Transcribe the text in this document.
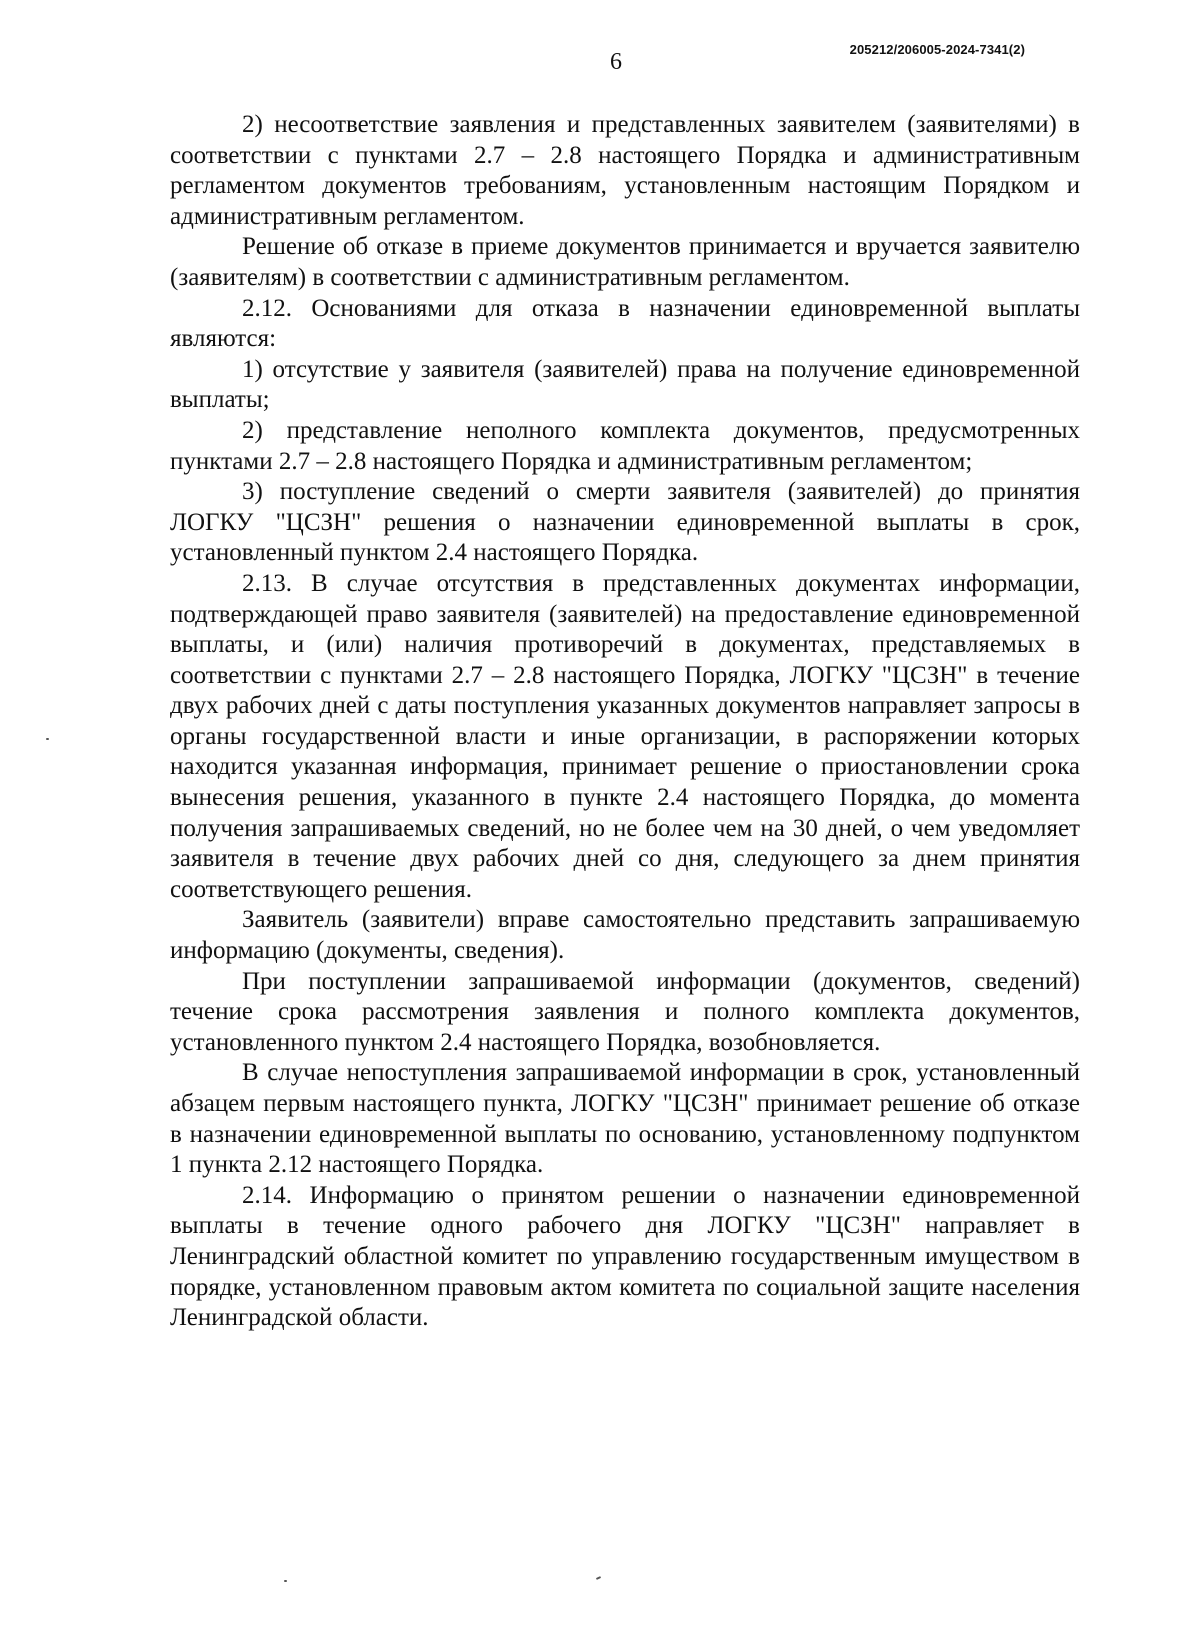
6	205212/206005-2024-7341(2)

2) несоответствие заявления и представленных заявителем (заявителями) в соответствии с пунктами 2.7 – 2.8 настоящего Порядка и административным регламентом документов требованиям, установленным настоящим Порядком и административным регламентом.

Решение об отказе в приеме документов принимается и вручается заявителю (заявителям) в соответствии с административным регламентом.

2.12. Основаниями для отказа в назначении единовременной выплаты являются:

1) отсутствие у заявителя (заявителей) права на получение единовременной выплаты;

2) представление неполного комплекта документов, предусмотренных пунктами 2.7 – 2.8 настоящего Порядка и административным регламентом;

3) поступление сведений о смерти заявителя (заявителей) до принятия ЛОГКУ "ЦСЗН" решения о назначении единовременной выплаты в срок, установленный пунктом 2.4 настоящего Порядка.

2.13. В случае отсутствия в представленных документах информации, подтверждающей право заявителя (заявителей) на предоставление единовременной выплаты, и (или) наличия противоречий в документах, представляемых в соответствии с пунктами 2.7 – 2.8 настоящего Порядка, ЛОГКУ "ЦСЗН" в течение двух рабочих дней с даты поступления указанных документов направляет запросы в органы государственной власти и иные организации, в распоряжении которых находится указанная информация, принимает решение о приостановлении срока вынесения решения, указанного в пункте 2.4 настоящего Порядка, до момента получения запрашиваемых сведений, но не более чем на 30 дней, о чем уведомляет заявителя в течение двух рабочих дней со дня, следующего за днем принятия соответствующего решения.

Заявитель (заявители) вправе самостоятельно представить запрашиваемую информацию (документы, сведения).

При поступлении запрашиваемой информации (документов, сведений) течение срока рассмотрения заявления и полного комплекта документов, установленного пунктом 2.4 настоящего Порядка, возобновляется.

В случае непоступления запрашиваемой информации в срок, установленный абзацем первым настоящего пункта, ЛОГКУ "ЦСЗН" принимает решение об отказе в назначении единовременной выплаты по основанию, установленному подпунктом 1 пункта 2.12 настоящего Порядка.

2.14. Информацию о принятом решении о назначении единовременной выплаты в течение одного рабочего дня ЛОГКУ "ЦСЗН" направляет в Ленинградский областной комитет по управлению государственным имуществом в порядке, установленном правовым актом комитета по социальной защите населения Ленинградской области.
